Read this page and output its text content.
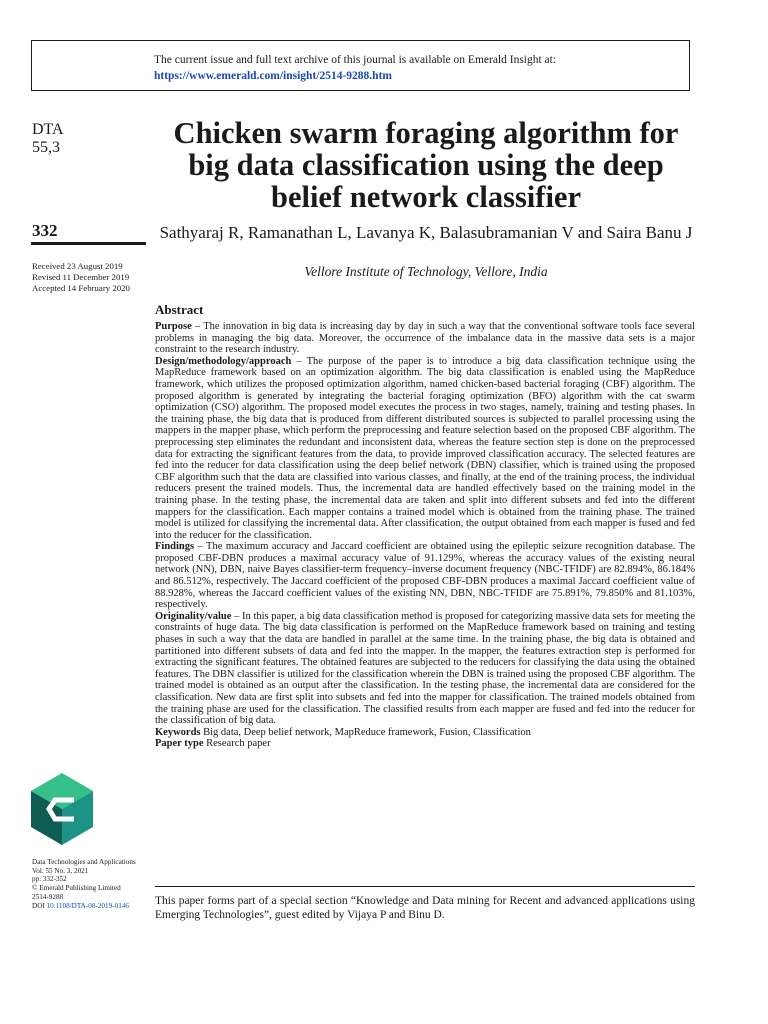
The current issue and full text archive of this journal is available on Emerald Insight at:
https://www.emerald.com/insight/2514-9288.htm
DTA
55,3
332
Received 23 August 2019
Revised 11 December 2019
Accepted 14 February 2020
Chicken swarm foraging algorithm for big data classification using the deep belief network classifier
Sathyaraj R, Ramanathan L, Lavanya K, Balasubramanian V and Saira Banu J
Vellore Institute of Technology, Vellore, India
Abstract

Purpose – The innovation in big data is increasing day by day in such a way that the conventional software tools face several problems in managing the big data. Moreover, the occurrence of the imbalance data in the massive data sets is a major constraint to the research industry.

Design/methodology/approach – The purpose of the paper is to introduce a big data classification technique using the MapReduce framework based on an optimization algorithm. The big data classification is enabled using the MapReduce framework, which utilizes the proposed optimization algorithm, named chicken-based bacterial foraging (CBF) algorithm. The proposed algorithm is generated by integrating the bacterial foraging optimization (BFO) algorithm with the cat swarm optimization (CSO) algorithm. The proposed model executes the process in two stages, namely, training and testing phases. In the training phase, the big data that is produced from different distributed sources is subjected to parallel processing using the mappers in the mapper phase, which perform the preprocessing and feature selection based on the proposed CBF algorithm. The preprocessing step eliminates the redundant and inconsistent data, whereas the feature section step is done on the preprocessed data for extracting the significant features from the data, to provide improved classification accuracy. The selected features are fed into the reducer for data classification using the deep belief network (DBN) classifier, which is trained using the proposed CBF algorithm such that the data are classified into various classes, and finally, at the end of the training process, the individual reducers present the trained models. Thus, the incremental data are handled effectively based on the training model in the training phase. In the testing phase, the incremental data are taken and split into different subsets and fed into the different mappers for the classification. Each mapper contains a trained model which is obtained from the training phase. The trained model is utilized for classifying the incremental data. After classification, the output obtained from each mapper is fused and fed into the reducer for the classification.

Findings – The maximum accuracy and Jaccard coefficient are obtained using the epileptic seizure recognition database. The proposed CBF-DBN produces a maximal accuracy value of 91.129%, whereas the accuracy values of the existing neural network (NN), DBN, naive Bayes classifier-term frequency–inverse document frequency (NBC-TFIDF) are 82.894%, 86.184% and 86.512%, respectively. The Jaccard coefficient of the proposed CBF-DBN produces a maximal Jaccard coefficient value of 88.928%, whereas the Jaccard coefficient values of the existing NN, DBN, NBC-TFIDF are 75.891%, 79.850% and 81.103%, respectively.

Originality/value – In this paper, a big data classification method is proposed for categorizing massive data sets for meeting the constraints of huge data. The big data classification is performed on the MapReduce framework based on training and testing phases in such a way that the data are handled in parallel at the same time. In the training phase, the big data is obtained and partitioned into different subsets of data and fed into the mapper. In the mapper, the features extraction step is performed for extracting the significant features. The obtained features are subjected to the reducers for classifying the data using the obtained features. The DBN classifier is utilized for the classification wherein the DBN is trained using the proposed CBF algorithm. The trained model is obtained as an output after the classification. In the testing phase, the incremental data are considered for the classification. New data are first split into subsets and fed into the mapper for classification. The trained models obtained from the training phase are used for the classification. The classified results from each mapper are fused and fed into the reducer for the classification of big data.

Keywords Big data, Deep belief network, MapReduce framework, Fusion, Classification

Paper type Research paper

Data Technologies and Applications
Vol. 55 No. 3, 2021
pp. 332-352
© Emerald Publishing Limited
2514-9288
DOI 10.1108/DTA-08-2019-0146	This paper forms part of a special section “Knowledge and Data mining for Recent and advanced applications using Emerging Technologies”, guest edited by Vijaya P and Binu D.
